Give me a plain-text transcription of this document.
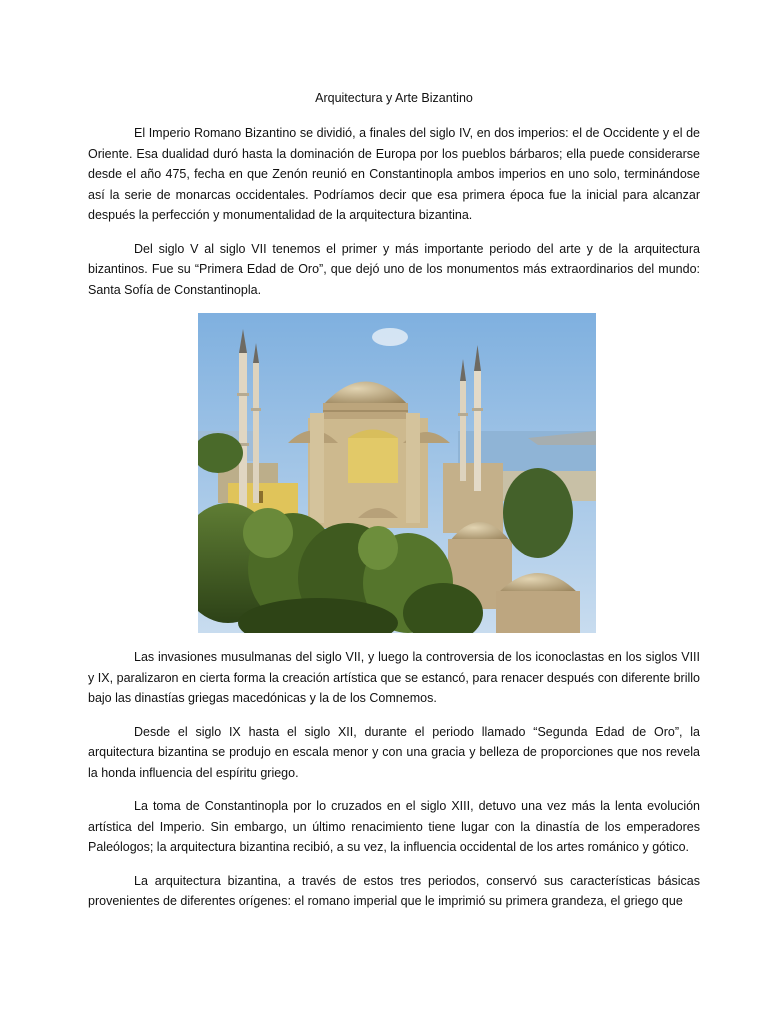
Arquitectura y Arte Bizantino

El Imperio Romano Bizantino se dividió, a finales del siglo IV, en dos imperios: el de Occidente y el de Oriente. Esa dualidad duró hasta la dominación de Europa por los pueblos bárbaros; ella puede considerarse desde el año 475, fecha en que Zenón reunió en Constantinopla ambos imperios en uno solo, terminándose así la serie de monarcas occidentales. Podríamos decir que esa primera época fue la inicial para alcanzar después la perfección y monumentalidad de la arquitectura bizantina.

Del siglo V al siglo VII tenemos el primer y más importante periodo del arte y de la arquitectura bizantinos. Fue su “Primera Edad de Oro”, que dejó uno de los monumentos más extraordinarios del mundo: Santa Sofía de Constantinopla.

Las invasiones musulmanas del siglo VII, y luego la controversia de los iconoclastas en los siglos VIII y IX, paralizaron en cierta forma la creación artística que se estancó, para renacer después con diferente brillo bajo las dinastías griegas macedónicas y la de los Comnemos.

Desde el siglo IX hasta el siglo XII, durante el periodo llamado “Segunda Edad de Oro”, la arquitectura bizantina se produjo en escala menor y con una gracia y belleza de proporciones que nos revela la honda influencia del espíritu griego.

La toma de Constantinopla por lo cruzados en el siglo XIII, detuvo una vez más la lenta evolución artística del Imperio. Sin embargo, un último renacimiento tiene lugar con la dinastía de los emperadores Paleólogos; la arquitectura bizantina recibió, a su vez, la influencia occidental de los artes románico y gótico.

La arquitectura bizantina, a través de estos tres periodos, conservó sus características básicas provenientes de diferentes orígenes: el romano imperial que le imprimió su primera grandeza, el griego que
